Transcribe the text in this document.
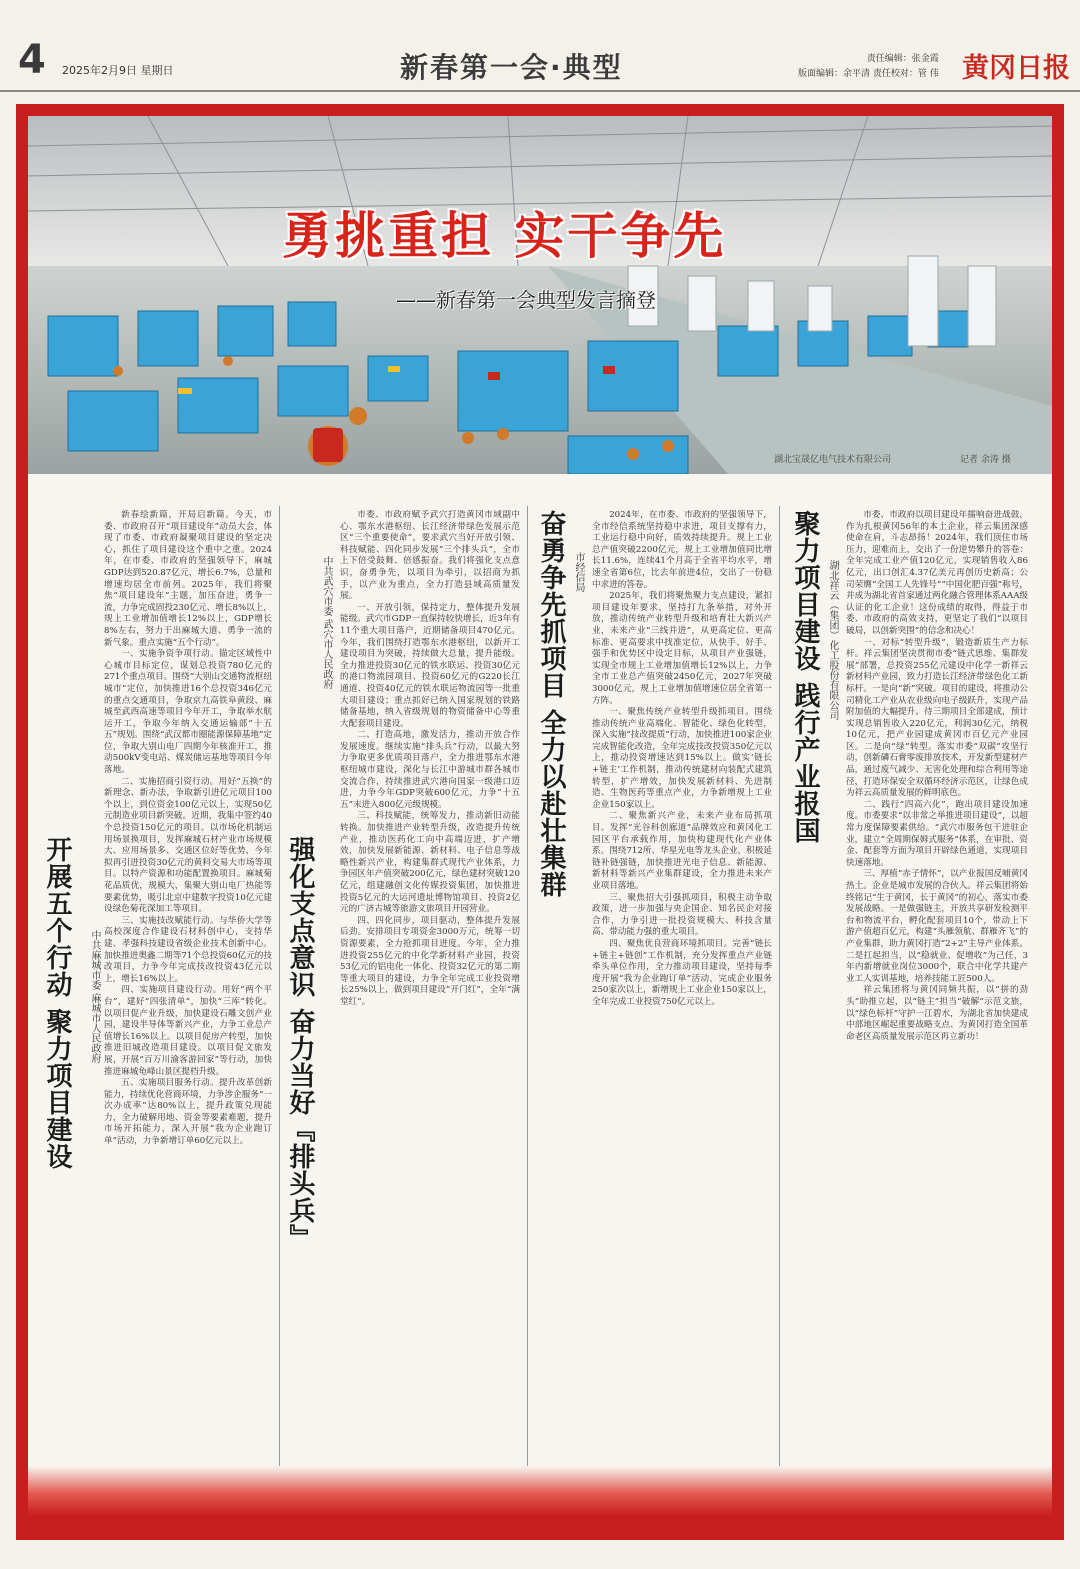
4 2025年2月9日 星期日	新春第一会·典型	责任编辑：张金霞
版面编辑：余平清 责任校对：管 伟 黄冈日报
勇挑重担 实干争先
——新春第一会典型发言摘登
湖北宝晟亿电气技术有限公司	记者 余涛 摄
开展五个行动 聚力项目建设 中共麻城市委 麻城市人民政府

新春绘新篇，开局启新篇。今天，市委、市政府召开“项目建设年”动员大会，体现了市委、市政府凝聚项目建设的坚定决心，抓住了项目建设这个重中之重。2024年，在市委、市政府的坚强领导下，麻城GDP达到520.87亿元，增长6.7%，总量和增速均居全市前列。2025年，我们将聚焦“项目建设年”主题，加压奋进，勇争一流，力争完成固投230亿元、增长8%以上，规上工业增加值增长12%以上，GDP增长8%左右，努力干出麻城大道、勇争一流的新气象。重点实施“五个行动”。

一、实施争资争项行动。锚定区域性中心城市目标定位，谋划总投资780亿元的271个重点项目。围绕“大别山交通物流枢纽城市”定位，加快推进16个总投资346亿元的重点交通项目，争取京九高铁阜黄段、麻城至武西高速等项目今年开工，争取举水航运开工，争取今年纳入交通运输部“十五五”规划。围绕“武汉都市圈能源保障基地”定位，争取大别山电厂四期今年核准开工，推动500kV变电站、煤炭储运基地等项目今年落地。

二、实施招商引资行动。用好“五换”的新理念、新办法，争取新引进亿元项目100个以上，到位资金100亿元以上，实现50亿元制造业项目新突破。近期，我集中签约40个总投资150亿元的项目。以市场化机制运用场景换项目，发挥麻城石材产业市场规模大、应用场景多、交通区位好等优势，今年拟再引进投资30亿元的黄料交易大市场等项目。以特产资源和功能配置换项目。麻城菊花品质优，规模大，集聚大别山电厂热能等要素优势，吸引北京中建数字投资10亿元建设绿色菊花深加工等项目。

三、实施技改赋能行动。与华侨大学等高校深度合作建设石材科创中心，支持华建、孝强科技建设省级企业技术创新中心。加快推进奥鑫二期等71个总投资60亿元的技改项目，力争今年完成技改投资43亿元以上，增长16%以上。

四、实施项目建设行动。用好“两个平台”，建好“四张清单”，加快“三库”转化。以项目促产业升级，加快建设石雕文创产业园，建设半导体等新兴产业，力争工业总产值增长16%以上。以项目促房产转型，加快推进旧城改造项目建设。以项目促文旅发展，开展“百万川渝客游回家”等行动，加快推进麻城龟峰山景区提档升级。

五、实施项目服务行动。提升改革创新能力，持续优化营商环境，力争涉企服务“一次办成率”达80%以上，提升政策兑现能力，全力破解用地、资金等要素难题，提升市场开拓能力，深入开展“我为企业跑订单”活动，力争新增订单60亿元以上。	强化支点意识 奋力当好『排头兵』
中共武穴市委 武穴市人民政府

市委、市政府赋予武穴打造黄冈市域副中心、鄂东水港枢纽、长江经济带绿色发展示范区“三个重要使命”，要求武穴当好开放引领、科技赋能、四化同步发展“三个排头兵”，全市上下倍受鼓舞、倍感振奋。我们将强化支点意识，奋勇争先，以项目为牵引，以招商为抓手，以产业为重点，全力打造县域高质量发展。

一、开放引领，保持定力，整体提升发展能级。武穴市GDP一直保持较快增长，近3年有11个重大项目落户，近期储备项目470亿元。今年，我们围绕打造鄂东水港枢纽，以新开工建设项目为突破，持续做大总量，提升能级。全力推进投资30亿元的铁水联运、投资30亿元的港口物流园项目、投资60亿元的G220长江通道、投资40亿元的铁水联运物流园等一批重大项目建设；重点抓好已纳入国家规划的铁路储备基地，纳入省级规划的物资储备中心等重大配套项目建设。

二、打造高地，激发活力，推动开放合作发展速度。继续实施“排头兵”行动，以最大努力争取更多优质项目落户，全力推进鄂东水港枢纽城市建设，深化与长江中游城市群各城市交流合作，持续推进武穴港向国家一级港口迈进，力争今年GDP突破600亿元，力争“十五五”末进入800亿元级规模。

三、科技赋能，统筹发力，推动新旧动能转换。加快推进产业转型升级，改造提升传统产业，推动医药化工向中高端迈进，扩产增效，加快发展新能源、新材料、电子信息等战略性新兴产业，构建集群式现代产业体系，力争园区年产值突破200亿元，绿色建材突破120亿元，组建融创文化传媒投资集团，加快推进投资5亿元的大运河遗址博物馆项目、投资2亿元的广济古城等旅游文旅项目开园营业。

四、四化同步，项目驱动，整体提升发展后劲。安排项目专项资金3000万元，统筹一切资源要素，全力抢抓项目进度。今年，全力推进投资255亿元的中化学新材料产业园，投资53亿元的铝电化一体化、投资32亿元的第二期等重大项目的建设，力争全年完成工业投资增长25%以上，做到项目建设“开门红”，全年“满堂红”。

奋勇争先抓项目 全力以赴壮集群 市经信局

2024年，在市委、市政府的坚强领导下，全市经信系统坚持稳中求进，项目支撑有力，工业运行稳中向好，质效持续提升。规上工业总产值突破2200亿元，规上工业增加值同比增长11.6%，连续41个月高于全省平均水平，增速全省第6位，比去年前进4位，交出了一份稳中求进的答卷。

2025年，我们将聚焦聚力支点建设，紧扣项目建设年要求，坚持打九条举措，对外开放，推动传统产业转型升级和培育壮大新兴产业，未来产业“三线并进”，从更高定位、更高标准、更高要求中找准定位，从快手、好手、强手和优势区中设定目标，从项目产业强链，实现全市规上工业增加值增长12%以上，力争全市工业总产值突破2450亿元，2027年突破3000亿元，规上工业增加值增速位居全省第一方阵。

一、聚焦传统产业转型升级抓项目。围绕推动传统产业高端化、智能化、绿色化转型，深入实施“技改提质”行动，加快推进100家企业完成智能化改造，全年完成技改投资350亿元以上，推动投资增速达到15%以上。做实‘链长+链主’工作机制，推动传统建材向装配式建筑转型，扩产增效，加快发展新材料、先进制造、生物医药等重点产业，力争新增规上工业企业150家以上。

二、聚焦新兴产业，未来产业布局抓项目。发挥“光谷科创廊道”品牌效应和黄冈化工园区平台承载作用，加快构建现代化产业体系。围绕712所、华星光电等龙头企业，积极延链补链强链，加快推进光电子信息、新能源、新材料等新兴产业集群建设，全力推进未来产业项目落地。

三、聚焦招大引强抓项目，积极主动争取政策，进一步加强与央企国企、知名民企对接合作，力争引进一批投资规模大、科技含量高、带动能力强的重大项目。

四、聚焦优良营商环境抓项目。完善“链长+链主+链创”工作机制，充分发挥重点产业链牵头单位作用，全力推动项目建设，坚持每季度开展“我为企业跑订单”活动，完成企业服务250家次以上，新增规上工业企业150家以上，全年完成工业投资750亿元以上。

聚力项目建设 践行产业报国 湖北祥云（集团）化工股份有限公司

市委、市政府以项目建设年擂响奋进战鼓，作为扎根黄冈56年的本土企业，祥云集团深感使命在肩，斗志昂扬！2024年，我们顶住市场压力，迎难而上，交出了一份逆势攀升的答卷：全年完成工业产值120亿元，实现销售收入86亿元，出口创汇4.37亿美元再创历史新高；公司荣膺“全国工人先锋号”“中国化肥百强”称号，并成为湖北省首家通过两化融合管理体系AAA级认证的化工企业！这份成绩的取得，得益于市委、市政府的高效支持，更坚定了我们“以项目破局，以创新突围”的信念和决心！

一、对标“转型升级”，锻造新质生产力标杆。祥云集团坚决贯彻市委“链式思维、集群发展”部署，总投资255亿元建设中化学一新祥云新材料产业园，致力打造长江经济带绿色化工新标杆。一是向“新”突破。项目的建设，将推动公司精化工产业从农业级向电子级跃升，实现产品附加值的大幅提升。待三期项目全部建成，预计实现总销售收入220亿元，利润30亿元，纳税10亿元，把产业园建成黄冈市百亿元产业园区。二是向“绿”转型。落实市委“双碳”攻坚行动，创新磷石膏零废排放技术，开发新型建材产品，通过废气减少、无害化处理和综合利用等途径，打造环保安全双循环经济示范区，让绿色成为祥云高质量发展的鲜明底色。

二、践行“四高六化”，跑出项目建设加速度。市委要求“以非常之举推进项目建设”，以超常力度保障要素供给。“武穴市服务包干进驻企业，建立“全周期保姆式服务”体系，在审批、资金、配套等方面为项目开辟绿色通道，实现项目快速落地。

三、厚植“赤子情怀”，以产业报国反哺黄冈热土。企业是城市发展的合伙人。祥云集团将始终铭记“生于黄冈，长于黄冈”的初心，落实市委发展战略。一是做强链主，开放共享研发检测平台和物流平台，孵化配套项目10个，带动上下游产值超百亿元，构建“头雁领航、群雁齐飞”的产业集群，助力黄冈打造“2+2”主导产业体系。二是扛起担当，以“稳就业、促增收”为己任，3年内新增就业岗位3000个，联合中化学共建产业工人实训基地，培养技能工匠500人。

祥云集团将与黄冈同频共振，以“拼的劲头”助推立起，以“链主”担当“破解”示范文旅，以“绿色标杆”守护一江碧水，为湖北省加快建成中部地区崛起重要战略支点、为黄冈打造全国革命老区高质量发展示范区再立新功！
